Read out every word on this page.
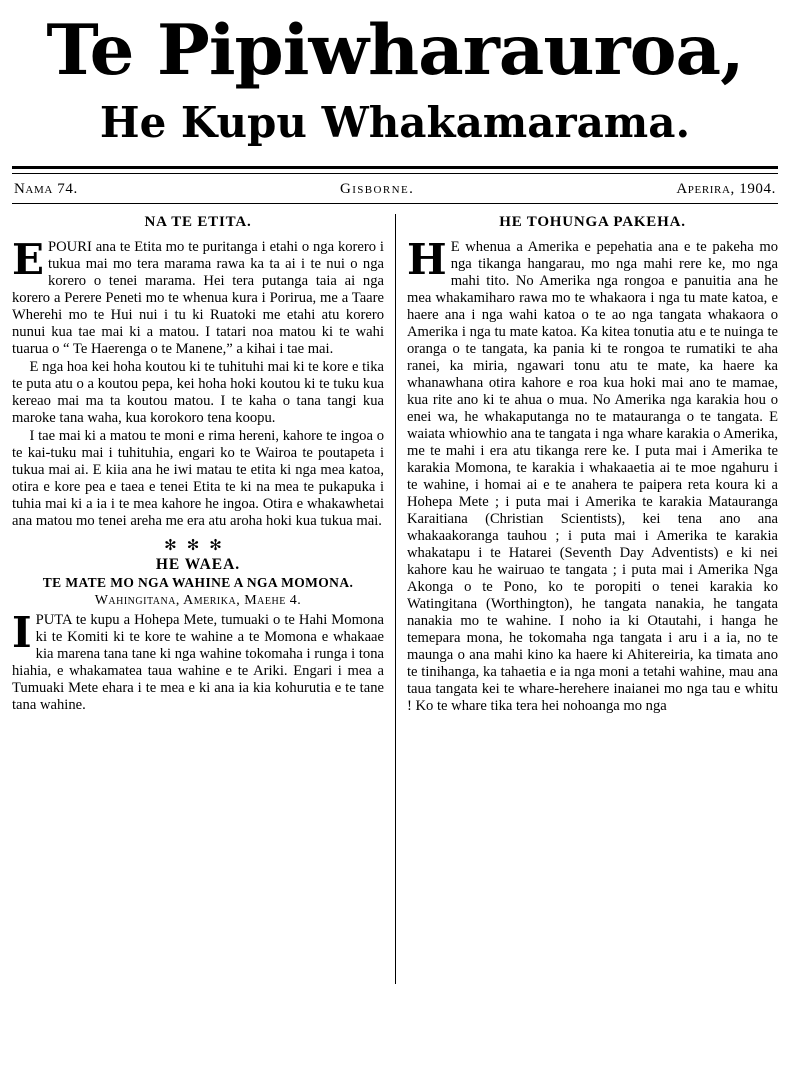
Te Pipiwharauroa,
He Kupu Whakamarama.
Nama 74.	Gisborne.	Aperira, 1904.
NA TE ETITA.

EPOURI ana te Etita mo te puritanga i etahi o nga korero i tukua mai mo tera marama rawa ka ta ai i te nui o nga korero o tenei marama. Hei tera putanga taia ai nga korero a Perere Peneti mo te whenua kura i Porirua, me a Taare Wherehi mo te Hui nui i tu ki Ruatoki me etahi atu korero nunui kua tae mai ki a matou. I tatari noa matou ki te wahi tuarua o “ Te Haerenga o te Manene,” a kihai i tae mai.

E nga hoa kei hoha koutou ki te tuhituhi mai ki te kore e tika te puta atu o a koutou pepa, kei hoha hoki koutou ki te tuku kua kereao mai ma ta koutou matou. I te kaha o tana tangi kua maroke tana waha, kua korokoro tena koopu.

I tae mai ki a matou te moni e rima hereni, kahore te ingoa o te kai-tuku mai i tuhituhia, engari ko te Wairoa te poutapeta i tukua mai ai. E kiia ana he iwi matau te etita ki nga mea katoa, otira e kore pea e taea e tenei Etita te ki na mea te pukapuka i tuhia mai ki a ia i te mea kahore he ingoa. Otira e whakawhetai ana matou mo tenei areha me era atu aroha hoki kua tukua mai.

✻✻✻
HE WAEA.
TE MATE MO NGA WAHINE A NGA MOMONA.
Wahingitana, Amerika, Maehe 4.

IPUTA te kupu a Hohepa Mete, tumuaki o te Hahi Momona ki te Komiti ki te kore te wahine a te Momona e whakaae kia marena tana tane ki nga wahine tokomaha i runga i tona hiahia, e whakamatea taua wahine e te Ariki. Engari i mea a Tumuaki Mete ehara i te mea e ki ana ia kia kohurutia e te tane tana wahine.

HE TOHUNGA PAKEHA.

HE whenua a Amerika e pepehatia ana e te pakeha mo nga tikanga hangarau, mo nga mahi rere ke, mo nga mahi tito. No Amerika nga rongoa e panuitia ana he mea whakamiharo rawa mo te whakaora i nga tu mate katoa, e haere ana i nga wahi katoa o te ao nga tangata whakaora o Amerika i nga tu mate katoa. Ka kitea tonutia atu e te nuinga te oranga o te tangata, ka pania ki te rongoa te rumatiki te aha ranei, ka miria, ngawari tonu atu te mate, ka haere ka whanawhana otira kahore e roa kua hoki mai ano te mamae, kua rite ano ki te ahua o mua. No Amerika nga karakia hou o enei wa, he whakaputanga no te matauranga o te tangata. E waiata whiowhio ana te tangata i nga whare karakia o Amerika, me te mahi i era atu tikanga rere ke. I puta mai i Amerika te karakia Momona, te karakia i whakaaetia ai te moe ngahuru i te wahine, i homai ai e te anahera te paipera reta koura ki a Hohepa Mete ; i puta mai i Amerika te karakia Matauranga Karaitiana (Christian Scientists), kei tena ano ana whakaakoranga tauhou ; i puta mai i Amerika te karakia whakatapu i te Hatarei (Seventh Day Adventists) e ki nei kahore kau he wairuao te tangata ; i puta mai i Amerika Nga Akonga o te Pono, ko te poropiti o tenei karakia ko Watingitana (Worthington), he tangata nanakia, he tangata nanakia mo te wahine. I noho ia ki Otautahi, i hanga he temepara mona, he tokomaha nga tangata i aru i a ia, no te maunga o ana mahi kino ka haere ki Ahitereiria, ka timata ano te tinihanga, ka tahaetia e ia nga moni a tetahi wahine, mau ana taua tangata kei te whare-herehere inaianei mo nga tau e whitu ! Ko te whare tika tera hei nohoanga mo nga
